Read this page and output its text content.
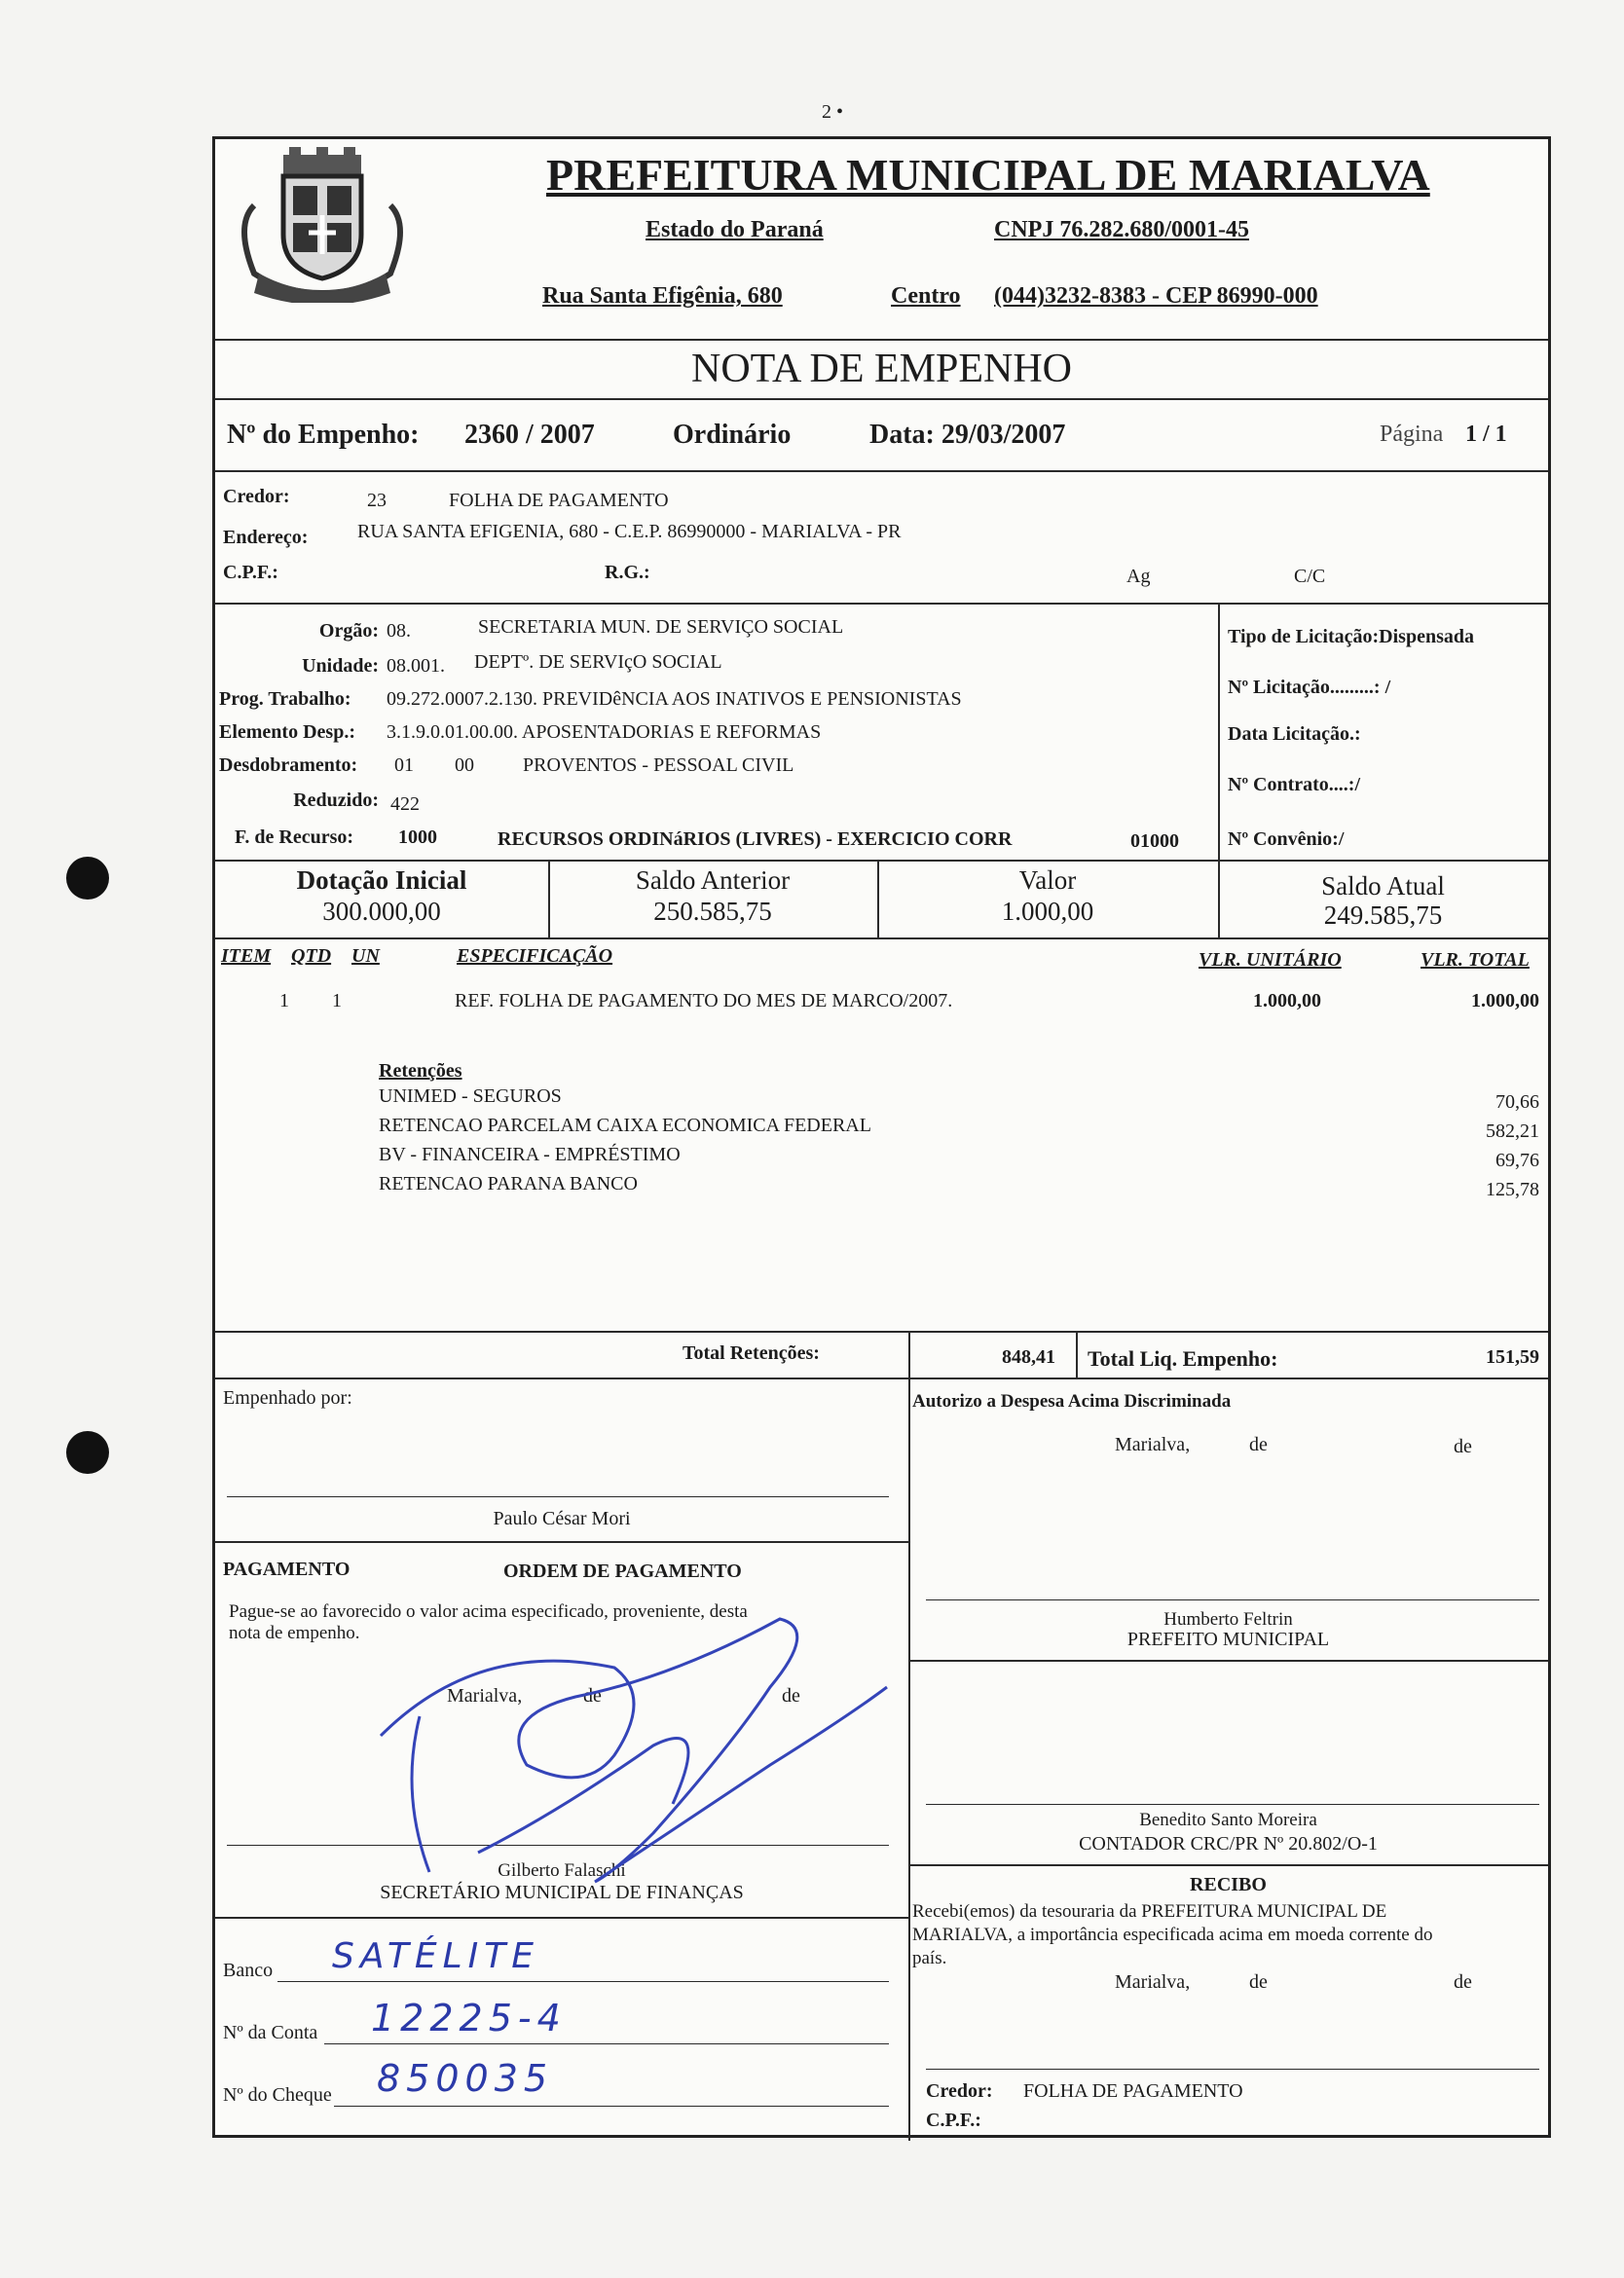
2 •
PREFEITURA MUNICIPAL DE MARIALVA
Estado do Paraná	CNPJ 76.282.680/0001-45
Rua Santa Efigênia, 680	Centro (044)3232-8383 - CEP 86990-000
NOTA DE EMPENHO
Nº do Empenho: 2360 / 2007	Ordinário	Data: 29/03/2007	Página 1 / 1
Credor:	23	FOLHA DE PAGAMENTO
Endereço:	RUA SANTA EFIGENIA, 680 - C.E.P. 86990000 - MARIALVA - PR
C.P.F.:	R.G.:	Ag	C/C
Orgão: 08.	SECRETARIA MUN. DE SERVIÇO SOCIAL
Unidade: 08.001. DEPTº. DE SERVIçO SOCIAL
Prog. Trabalho: 09.272.0007.2.130. PREVIDêNCIA AOS INATIVOS E PENSIONISTAS
Elemento Desp.: 3.1.9.0.01.00.00. APOSENTADORIAS E REFORMAS
Desdobramento: 01 00	PROVENTOS - PESSOAL CIVIL
Reduzido: 422
F. de Recurso: 1000	RECURSOS ORDINáRIOS (LIVRES) - EXERCICIO CORR	01000
Tipo de Licitação:Dispensada
Nº Licitação.........: /
Data Licitação.:
Nº Contrato....:/
Nº Convênio:/
Dotação Inicial
300.000,00
Saldo Anterior
250.585,75
Valor
1.000,00
Saldo Atual
249.585,75
ITEM QTD UN	ESPECIFICAÇÃO	VLR. UNITÁRIO	VLR. TOTAL
1 1	REF. FOLHA DE PAGAMENTO DO MES DE MARCO/2007.	1.000,00	1.000,00
Retenções
UNIMED - SEGUROS	70,66
RETENCAO PARCELAM CAIXA ECONOMICA FEDERAL	582,21
BV - FINANCEIRA - EMPRÉSTIMO	69,76
RETENCAO PARANA BANCO	125,78
Total Retenções:	848,41 Total Liq. Empenho:	151,59
Empenhado por:
Paulo César Mori
PAGAMENTO	ORDEM DE PAGAMENTO
Pague-se ao favorecido o valor acima especificado, proveniente, desta
nota de empenho.
Marialva,	de	de
Gilberto Falaschi
SECRETÁRIO MUNICIPAL DE FINANÇAS
Banco SATÉLITE
Nº da Conta 12225-4
Nº do Cheque 850035
Autorizo a Despesa Acima Discriminada
Marialva,	de	de
Humberto Feltrin
PREFEITO MUNICIPAL
Benedito Santo Moreira
CONTADOR CRC/PR Nº 20.802/O-1
RECIBO
Recebi(emos) da tesouraria da PREFEITURA MUNICIPAL DE
MARIALVA, a importância especificada acima em moeda corrente do
país.
Marialva,	de	de
Credor: FOLHA DE PAGAMENTO
C.P.F.:
